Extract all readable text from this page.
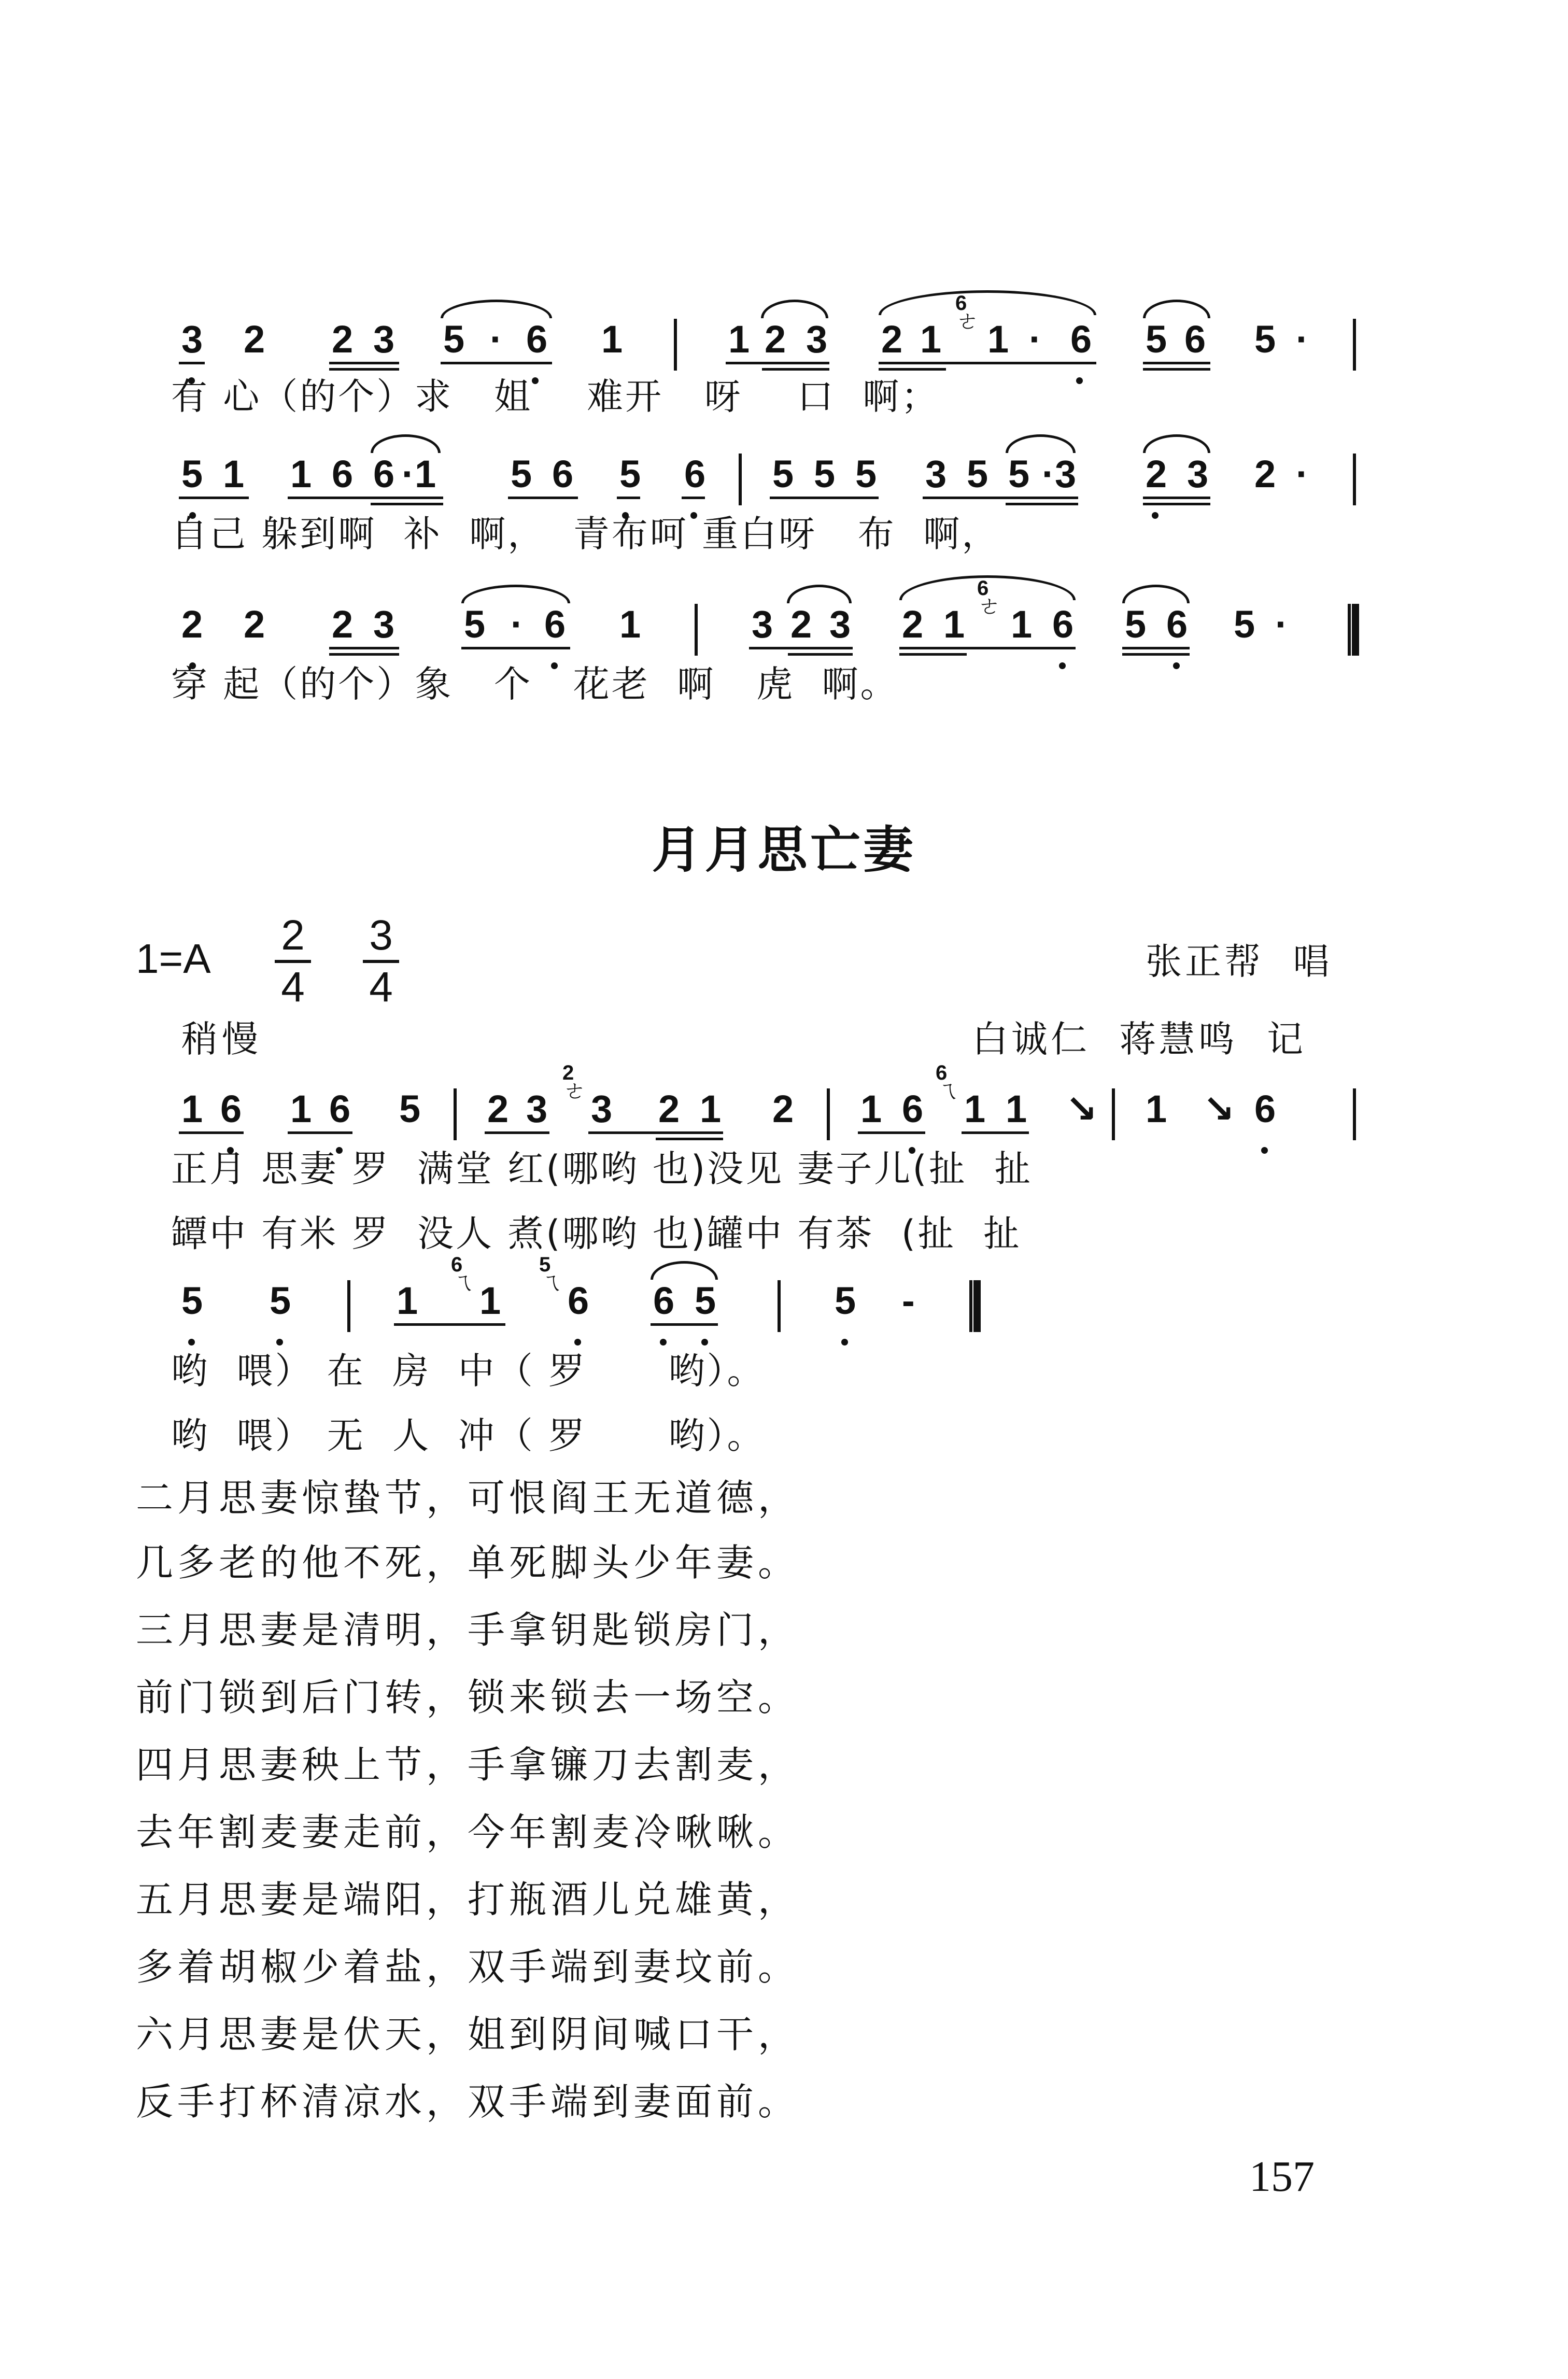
3 2 2 3 5 · 6 1	1 2 3 2 1
6
ㄜ 1 · 6 5 6 5 ·
有 心（的个）求   姐    难开   呀    口  啊；
5 1 1 6 6 · 1 5 6 5 6 5 5 5 3 5 5 · 3 2 3 2 ·
自己 躲到啊  补  啊，  青布呵 重白呀   布  啊，
2 2 2 3 5 · 6 1	3 2 3 2 1
6
ㄜ 1 6 5 6 5 ·
穿 起（的个）象   个   花老  啊   虎  啊。
月月思亡妻
1=A 2
4
3
4
张正帮  唱
稍慢	白诚仁  蒋慧鸣  记
1 6 1 6 5 2 3
2
ㄜ 3 2 1 2 1 6
6
ㄟ 1 1 ↘ 1 ↘ 6
正月 思妻 罗  满堂 红(哪哟 也)没见 妻子儿(扯  扯
罈中 有米 罗  没人 煮(哪哟 也)罐中 有茶  (扯  扯
5 5	1
6
ㄟ 1
5
ㄟ 6 6 5	5 -
哟  喂） 在  房  中（ 罗      哟）。
哟  喂） 无  人  冲（ 罗      哟）。
二月思妻惊蛰节，可恨阎王无道德，
几多老的他不死，单死脚头少年妻。
三月思妻是清明，手拿钥匙锁房门，
前门锁到后门转，锁来锁去一场空。
四月思妻秧上节，手拿镰刀去割麦，
去年割麦妻走前，今年割麦冷啾啾。
五月思妻是端阳，打瓶酒儿兑雄黄，
多着胡椒少着盐，双手端到妻坟前。
六月思妻是伏天，姐到阴间喊口干，
反手打杯清凉水，双手端到妻面前。
157
